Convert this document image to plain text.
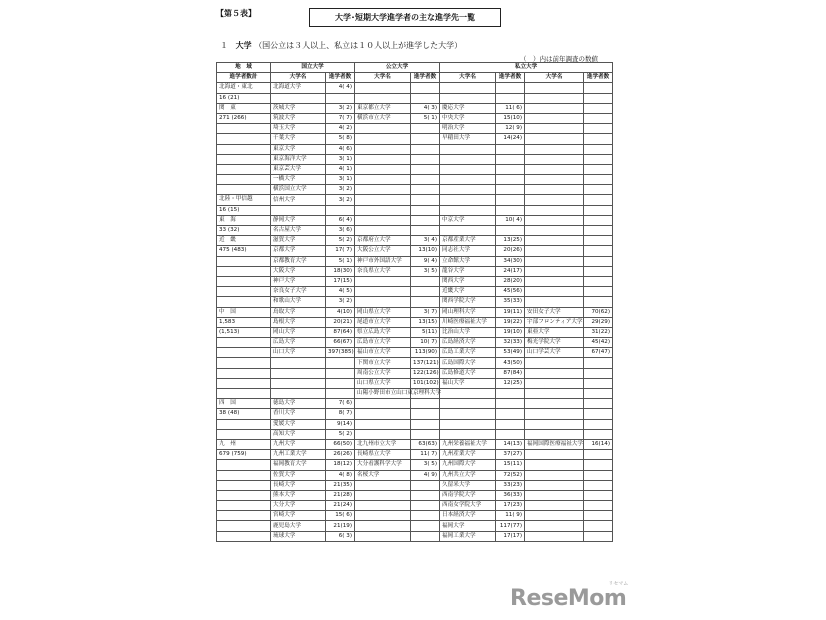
【第５表】	大学･短期大学進学者の主な進学先一覧
１ 大学 （国公立は３人以上、私立は１０人以上が進学した大学）
（　）内は前年調査の数値
地　域	国立大学		公立大学		私立大学			
進学者数計	大学名	進学者数	大学名	進学者数	大学名	進学者数	大学名	進学者数
北海道・東北	北海道大学	4( 4)						
16 (21)								
関　東	茨城大学	3( 2)	東京都立大学	4( 3)	慶応大学	11( 6)		
271 (266)	筑波大学	7( 7)	横浜市立大学	5( 1)	中央大学	15(10)		
	埼玉大学	4( 2)			明治大学	12( 9)		
	千葉大学	5( 8)			早稲田大学	14(24)		
	東京大学	4( 6)						
	東京海洋大学	3( 1)						
	東京芸大学	4( 1)						
	一橋大学	3( 1)						
	横浜国立大学	3( 2)						
北陸・甲信越	信州大学	3( 2)						
16 (15)								
東　海	静岡大学	6( 4)			中京大学	10( 4)		
33 (32)	名古屋大学	3( 6)						
近　畿	滋賀大学	5( 2)	京都府立大学	3( 4)	京都産業大学	13(25)		
475 (483)	京都大学	17( 7)	大阪公立大学	13(10)	同志社大学	20(26)		
	京都教育大学	5( 1)	神戸市外国語大学	9( 4)	立命館大学	34(30)		
	大阪大学	18(30)	奈良県立大学	3( 5)	龍谷大学	24(17)		
	神戸大学	17(15)			関西大学	28(20)		
	奈良女子大学	4( 5)			近畿大学	45(56)		
	和歌山大学	3( 2)			関西学院大学	35(33)		
中　国	鳥取大学	4(10)	岡山県立大学	3( 7)	岡山理科大学	19(11)	安田女子大学	70(62)
1,583	島根大学	20(21)	尾道市立大学	13(15)	川崎医療福祉大学	19(22)	宇部フロンティア大学	29(29)
(1,513)	岡山大学	87(64)	県立広島大学	5(11)	比治山大学	19(10)	東亜大学	31(22)
	広島大学	66(67)	広島市立大学	10( 7)	広島経済大学	32(33)	梅光学院大学	45(42)
	山口大学	397(385)	福山市立大学	113(90)	広島工業大学	53(49)	山口学芸大学	67(47)
			下関市立大学	137(121)	広島国際大学	43(50)		
			周南公立大学	122(126)	広島修道大学	87(84)		
			山口県立大学	101(102)	福山大学	12(25)		
			山陽小野田市立山口東京理科大学					
四　国	徳島大学	7( 6)						
38 (48)	香川大学	8( 7)						
	愛媛大学	9(14)						
	高知大学	5( 2)						
九　州	九州大学	66(50)	北九州市立大学	63(63)	九州栄養福祉大学	14(13)	福岡国際医療福祉大学	16(14)
679 (759)	九州工業大学	26(26)	長崎県立大学	11( 7)	九州産業大学	37(27)		
	福岡教育大学	18(12)	大分看護科学大学	3( 5)	九州国際大学	15(11)		
	佐賀大学	4( 8)	名桜大学	4( 9)	九州共立大学	72(52)		
	長崎大学	21(35)			久留米大学	33(23)		
	熊本大学	21(28)			西南学院大学	36(33)		
	大分大学	21(24)			西南女学院大学	17(23)		
	宮崎大学	15( 6)			日本経済大学	11( 9)		
	鹿児島大学	21(19)			福岡大学	117(77)		
	琉球大学	6( 3)			福岡工業大学	17(17)		
ReseMom
リセマム
